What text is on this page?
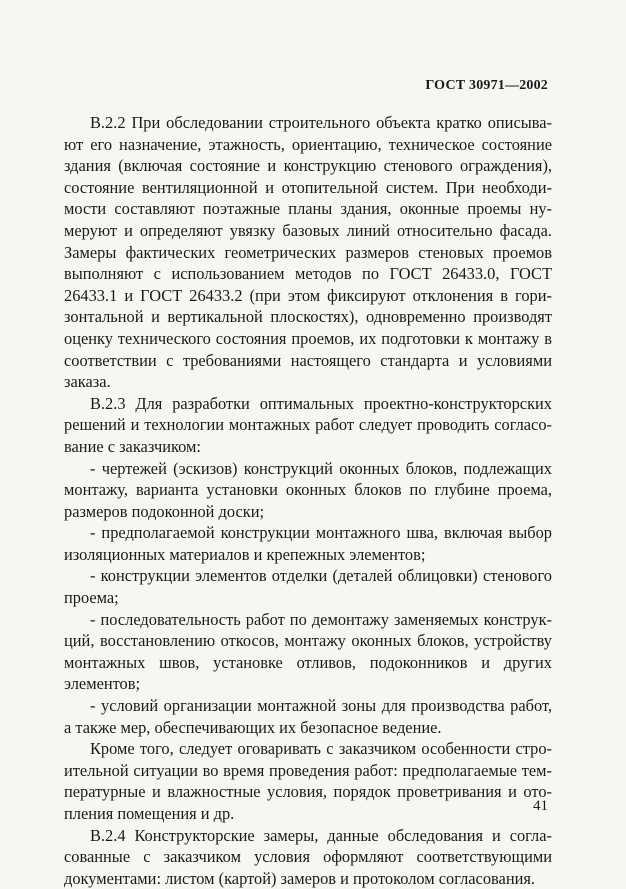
ГОСТ 30971—2002

В.2.2 При обследовании строительного объекта кратко описывают его назначение, этажность, ориентацию, техническое состояние здания (включая состояние и конструкцию стенового ограждения), состояние вентиляционной и отопительной систем. При необходимости составляют поэтажные планы здания, оконные проемы нумеруют и определяют увязку базовых линий относительно фасада. Замеры фактических геометрических размеров стеновых проемов выполняют с использованием методов по ГОСТ 26433.0, ГОСТ 26433.1 и ГОСТ 26433.2 (при этом фиксируют отклонения в горизонтальной и вертикальной плоскостях), одновременно производят оценку технического состояния проемов, их подготовки к монтажу в соответствии с требованиями настоящего стандарта и условиями заказа.

В.2.3 Для разработки оптимальных проектно-конструкторских решений и технологии монтажных работ следует проводить согласование с заказчиком:

- чертежей (эскизов) конструкций оконных блоков, подлежащих монтажу, варианта установки оконных блоков по глубине проема, размеров подоконной доски;

- предполагаемой конструкции монтажного шва, включая выбор изоляционных материалов и крепежных элементов;

- конструкции элементов отделки (деталей облицовки) стенового проема;

- последовательность работ по демонтажу заменяемых конструкций, восстановлению откосов, монтажу оконных блоков, устройству монтажных швов, установке отливов, подоконников и других элементов;

- условий организации монтажной зоны для производства работ, а также мер, обеспечивающих их безопасное ведение.

Кроме того, следует оговаривать с заказчиком особенности строительной ситуации во время проведения работ: предполагаемые температурные и влажностные условия, порядок проветривания и отопления помещения и др.

В.2.4 Конструкторские замеры, данные обследования и согласованные с заказчиком условия оформляют соответствующими документами: листом (картой) замеров и протоколом согласования.

41
